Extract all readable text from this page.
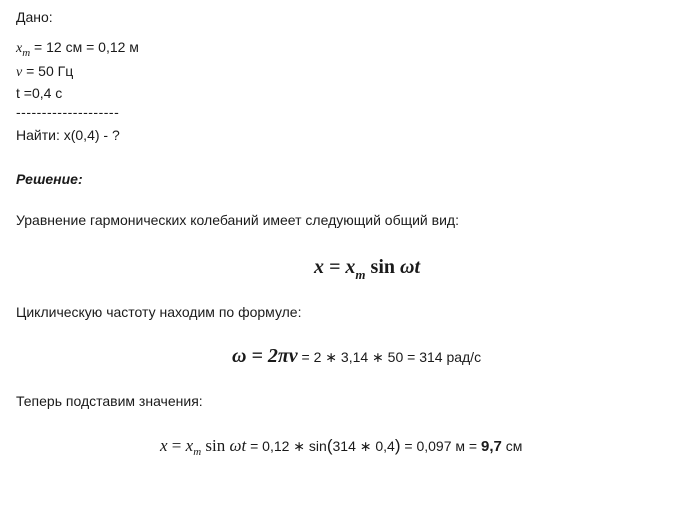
Дано:
$x_m = 12$ см = 0,12 м
ν = 50 Гц
t =0,4 с
--------------------
Найти: x(0,4) - ?
Решение:
Уравнение гармонических колебаний имеет следующий общий вид:
$x = x_m$ sin ωt
Циклическую частоту находим по формуле:
ω = 2πν = 2 ∗ 3,14 ∗ 50 = 314 рад/с
Теперь подставим значения:
$x = x_m$ sin ωt = 0,12 ∗ sin(314 ∗ 0,4) = 0,097 м = 9,7 см
